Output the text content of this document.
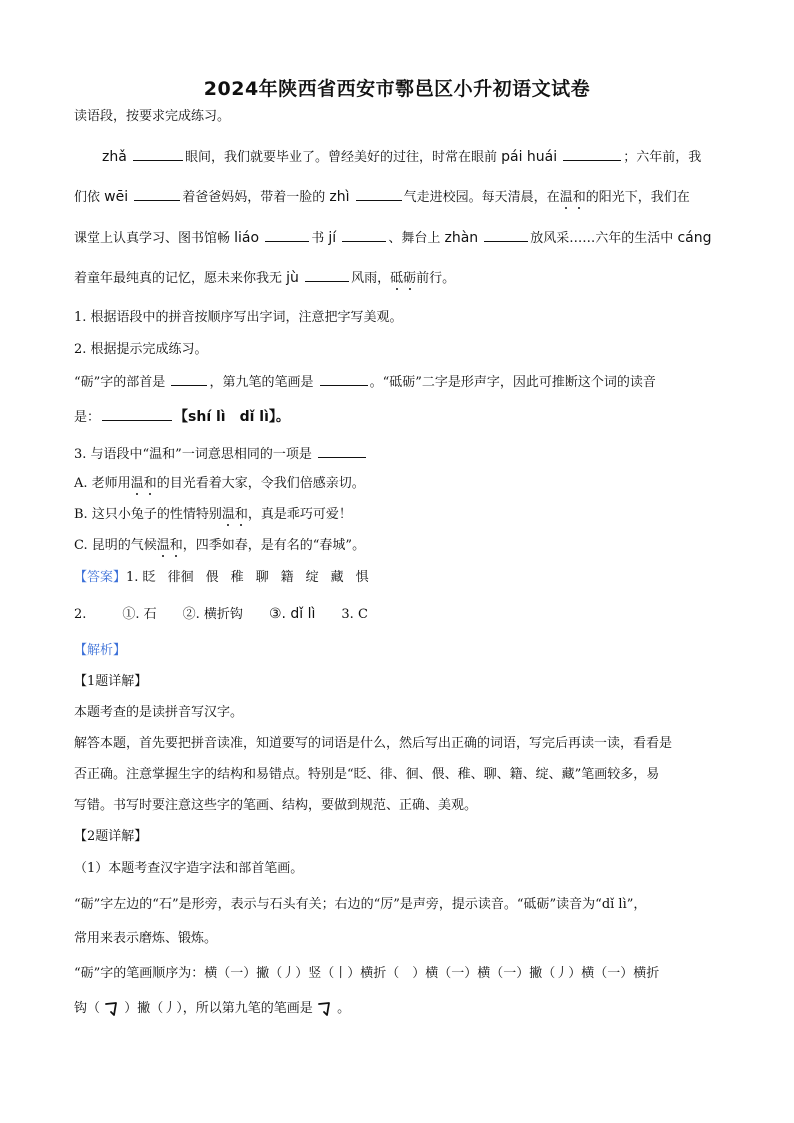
2024年陕西省西安市鄠邑区小升初语文试卷
读语段，按要求完成练习。
zhǎ	眼间，我们就要毕业了。曾经美好的过往，时常在眼前 pái huái	；六年前，我
们依 wēi	着爸爸妈妈，带着一脸的 zhì	气走进校园。每天清晨，在温和的阳光下，我们在
课堂上认真学习、图书馆畅 liáo	书 jí	、舞台上 zhàn	放风采……六年的生活中 cáng
着童年最纯真的记忆，愿未来你我无 jù	风雨，砥砺前行。
1. 根据语段中的拼音按顺序写出字词，注意把字写美观。
2. 根据提示完成练习。
“砺”字的部首是	，第九笔的笔画是	。“砥砺”二字是形声字，因此可推断这个词的读音
是：	【shí lì　dǐ lì】。
3. 与语段中“温和”一词意思相同的一项是
A. 老师用温和的目光看着大家，令我们倍感亲切。
B. 这只小兔子的性情特别温和，真是乖巧可爱！
C. 昆明的气候温和，四季如春，是有名的“春城”。
【答案】1. 眨 徘徊 偎 稚 聊 籍 绽 藏 惧
2.	①. 石 ②. 横折钩 ③. dǐ lì 3. C
【解析】
【1题详解】
本题考查的是读拼音写汉字。
解答本题，首先要把拼音读准，知道要写的词语是什么，然后写出正确的词语，写完后再读一读，看看是
否正确。注意掌握生字的结构和易错点。特别是“眨、徘、徊、偎、稚、聊、籍、绽、藏”笔画较多，易
写错。书写时要注意这些字的笔画、结构，要做到规范、正确、美观。
【2题详解】
（1）本题考查汉字造字法和部首笔画。
“砺”字左边的“石”是形旁，表示与石头有关；右边的“厉”是声旁，提示读音。“砥砺”读音为“dǐ lì”，
常用来表示磨炼、锻炼。
“砺”字的笔画顺序为：横（一）撇（丿）竖（丨）横折（　）横（一）横（一）撇（丿）横（一）横折
钩（ ）撇（丿），所以第九笔的笔画是 。
